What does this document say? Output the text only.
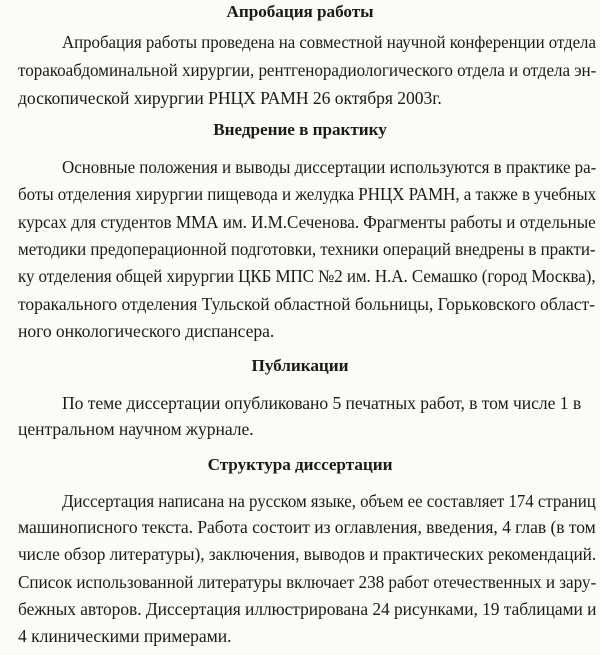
Апробация работы
Апробация работы проведена на совместной научной конференции отдела
торакоабдоминальной хирургии, рентгенорадиологического отдела и отдела эн-
доскопической хирургии РНЦХ РАМН 26 октября 2003г.
Внедрение в практику
Основные положения и выводы диссертации используются в практике ра-
боты отделения хирургии пищевода и желудка РНЦХ РАМН, а также в учебных
курсах для студентов ММА им. И.М.Сеченова. Фрагменты работы и отдельные
методики предоперационной подготовки, техники операций внедрены в практи-
ку отделения общей хирургии ЦКБ МПС №2 им. Н.А. Семашко (город Москва),
торакального отделения Тульской областной больницы, Горьковского област-
ного онкологического диспансера.
Публикации
По теме диссертации опубликовано 5 печатных работ, в том числе 1 в
центральном научном журнале.
Структура диссертации
Диссертация написана на русском языке, объем ее составляет 174 страниц
машинописного текста. Работа состоит из оглавления, введения, 4 глав (в том
числе обзор литературы), заключения, выводов и практических рекомендаций.
Список использованной литературы включает 238 работ отечественных и зару-
бежных авторов. Диссертация иллюстрирована 24 рисунками, 19 таблицами и
4 клиническими примерами.
